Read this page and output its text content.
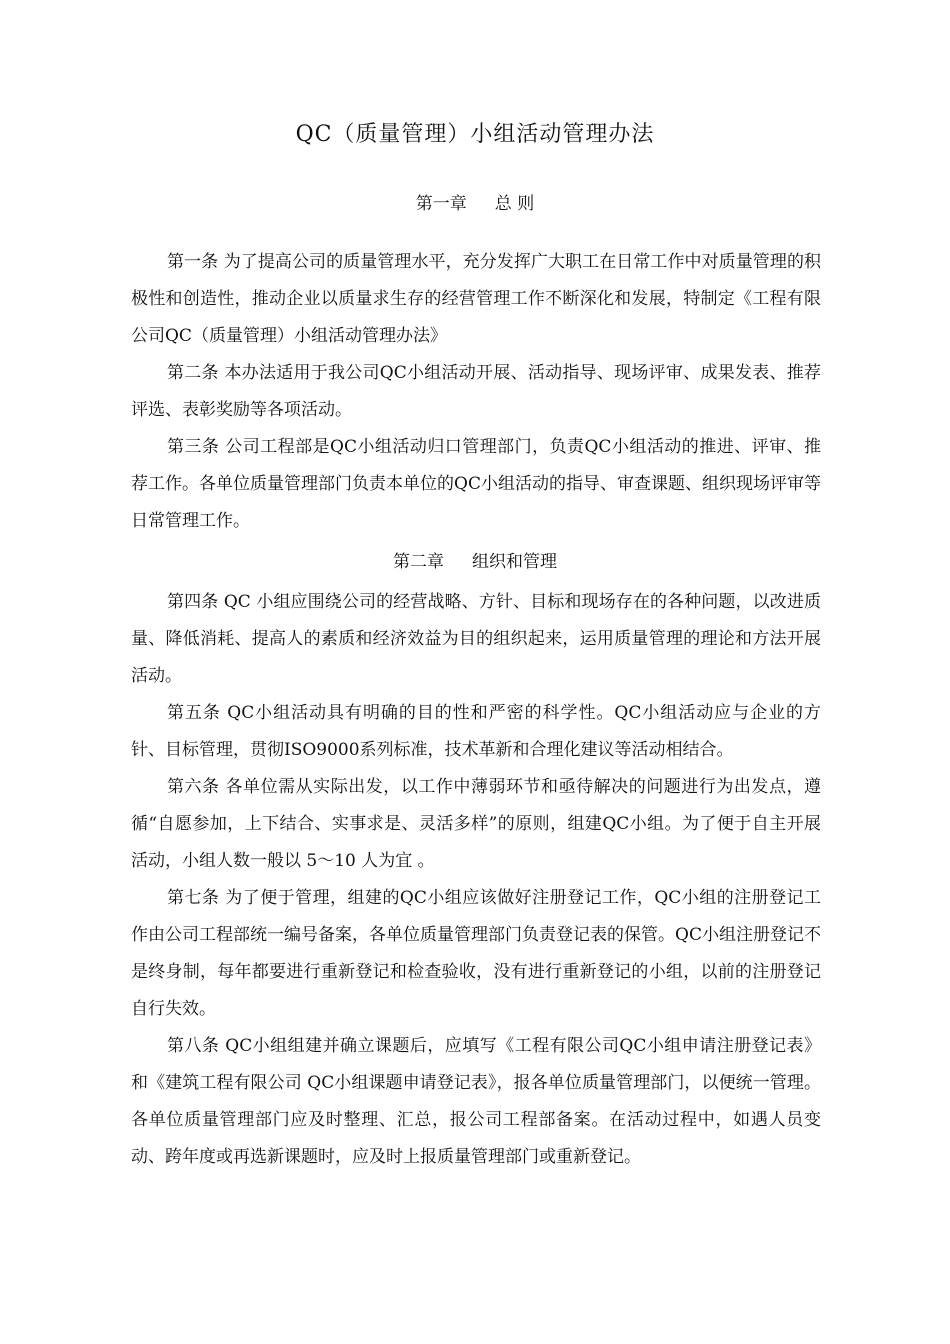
QC（质量管理）小组活动管理办法
第一章 总 则

第一条 为了提高公司的质量管理水平，充分发挥广大职工在日常工作中对质量管理的积极性和创造性，推动企业以质量求生存的经营管理工作不断深化和发展，特制定《工程有限公司QC（质量管理）小组活动管理办法》

第二条 本办法适用于我公司QC小组活动开展、活动指导、现场评审、成果发表、推荐评选、表彰奖励等各项活动。

第三条 公司工程部是QC小组活动归口管理部门，负责QC小组活动的推进、评审、推荐工作。各单位质量管理部门负责本单位的QC小组活动的指导、审查课题、组织现场评审等日常管理工作。

第二章 组织和管理

第四条 QC 小组应围绕公司的经营战略、方针、目标和现场存在的各种问题，以改进质量、降低消耗、提高人的素质和经济效益为目的组织起来，运用质量管理的理论和方法开展活动。

第五条 QC小组活动具有明确的目的性和严密的科学性。QC小组活动应与企业的方针、目标管理，贯彻ISO9000系列标准，技术革新和合理化建议等活动相结合。

第六条 各单位需从实际出发，以工作中薄弱环节和亟待解决的问题进行为出发点，遵循“自愿参加，上下结合、实事求是、灵活多样”的原则，组建QC小组。为了便于自主开展活动，小组人数一般以 5～10 人为宜 。

第七条 为了便于管理，组建的QC小组应该做好注册登记工作，QC小组的注册登记工作由公司工程部统一编号备案，各单位质量管理部门负责登记表的保管。QC小组注册登记不是终身制，每年都要进行重新登记和检查验收，没有进行重新登记的小组，以前的注册登记自行失效。

第八条 QC小组组建并确立课题后，应填写《工程有限公司QC小组申请注册登记表》和《建筑工程有限公司 QC小组课题申请登记表》，报各单位质量管理部门，以便统一管理。各单位质量管理部门应及时整理、汇总，报公司工程部备案。在活动过程中，如遇人员变动、跨年度或再选新课题时，应及时上报质量管理部门或重新登记。
